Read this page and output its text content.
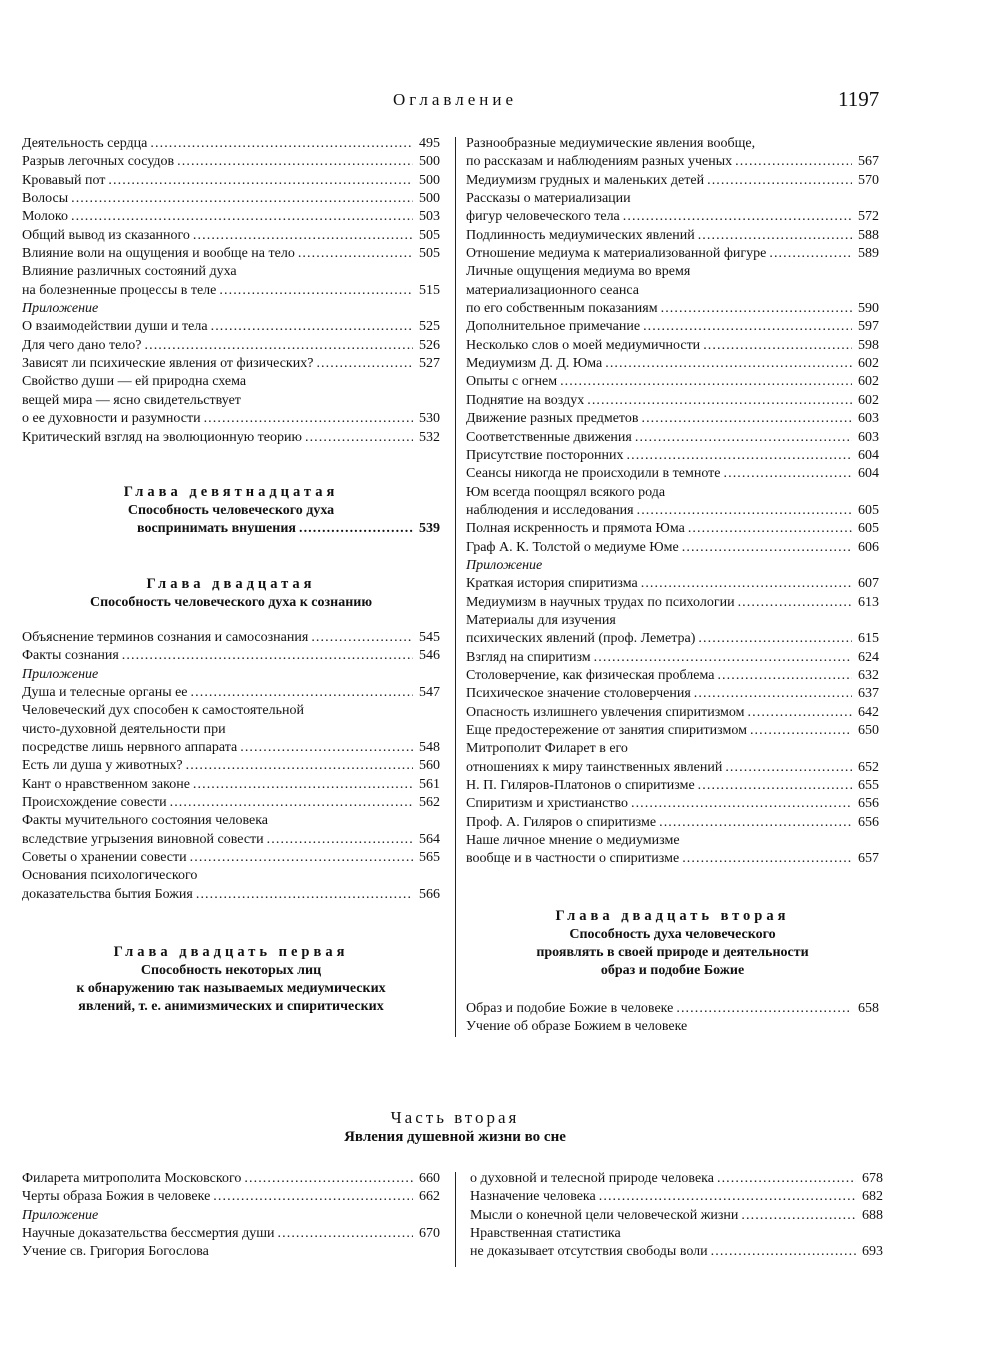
Оглавление	1197
Деятельность сердца . . .	495
Разрыв легочных сосудов . . .	500
Кровавый пот . . .	500
Волосы . . .	500
Молоко . . .	503
Общий вывод из сказанного . . .	505
Влияние воли на ощущения и вообще на тело . . .	505
Влияние различных состояний духа
на болезненные процессы в теле . . .	515
Приложение
О взаимодействии души и тела . . .	525
Для чего дано тело? . . .	526
Зависят ли психические явления от физических? . . .	527
Свойство души — ей природна схема
вещей мира — ясно свидетельствует
о ее духовности и разумности . . .	530
Критический взгляд на эволюционную теорию . . .	532
Глава девятнадцатая
Способность человеческого духа
воспринимать внушения . . .	539
Глава двадцатая
Способность человеческого духа к сознанию
Объяснение терминов сознания и самосознания . . .	545
Факты сознания . . .	546
Приложение
Душа и телесные органы ее . . .	547
Человеческий дух способен к самостоятельной
чисто-духовной деятельности при
посредстве лишь нервного аппарата . . .	548
Есть ли душа у животных? . . .	560
Кант о нравственном законе . . .	561
Происхождение совести . . .	562
Факты мучительного состояния человека
вследствие угрызения виновной совести . . .	564
Советы о хранении совести . . .	565
Основания психологического
доказательства бытия Божия . . .	566
Глава двадцать первая
Способность некоторых лиц
к обнаружению так называемых медиумических
явлений, т. е. анимизмических и спиритических
Разнообразные медиумические явления вообще,
по рассказам и наблюдениям разных ученых . . .	567
Медиумизм грудных и маленьких детей . . .	570
Рассказы о материализации
фигур человеческого тела . . .	572
Подлинность медиумических явлений . . .	588
Отношение медиума к материализованной фигуре . . .	589
Личные ощущения медиума во время
материализационного сеанса
по его собственным показаниям . . .	590
Дополнительное примечание . . .	597
Несколько слов о моей медиумичности . . .	598
Медиумизм Д. Д. Юма . . .	602
Опыты с огнем . . .	602
Поднятие на воздух . . .	602
Движение разных предметов . . .	603
Соответственные движения . . .	603
Присутствие посторонних . . .	604
Сеансы никогда не происходили в темноте . . .	604
Юм всегда поощрял всякого рода
наблюдения и исследования . . .	605
Полная искренность и прямота Юма . . .	605
Граф А. К. Толстой о медиуме Юме . . .	606
Приложение
Краткая история спиритизма . . .	607
Медиумизм в научных трудах по психологии . . .	613
Материалы для изучения
психических явлений (проф. Леметра) . . .	615
Взгляд на спиритизм . . .	624
Столоверчение, как физическая проблема . . .	632
Психическое значение столоверчения . . .	637
Опасность излишнего увлечения спиритизмом . . .	642
Еще предостережение от занятия спиритизмом . . .	650
Митрополит Филарет в его
отношениях к миру таинственных явлений . . .	652
Н. П. Гиляров-Платонов о спиритизме . . .	655
Спиритизм и христианство . . .	656
Проф. А. Гиляров о спиритизме . . .	656
Наше личное мнение о медиумизме
вообще и в частности о спиритизме . . .	657
Глава двадцать вторая
Способность духа человеческого
проявлять в своей природе и деятельности
образ и подобие Божие
Образ и подобие Божие в человеке . . .	658
Учение об образе Божием в человеке
Часть вторая
Явления душевной жизни во сне
Филарета митрополита Московского . . .	660
Черты образа Божия в человеке . . .	662
Приложение
Научные доказательства бессмертия души . . .	670
Учение св. Григория Богослова
о духовной и телесной природе человека . . .	678
Назначение человека . . .	682
Мысли о конечной цели человеческой жизни . . .	688
Нравственная статистика
не доказывает отсутствия свободы воли . . .	693
